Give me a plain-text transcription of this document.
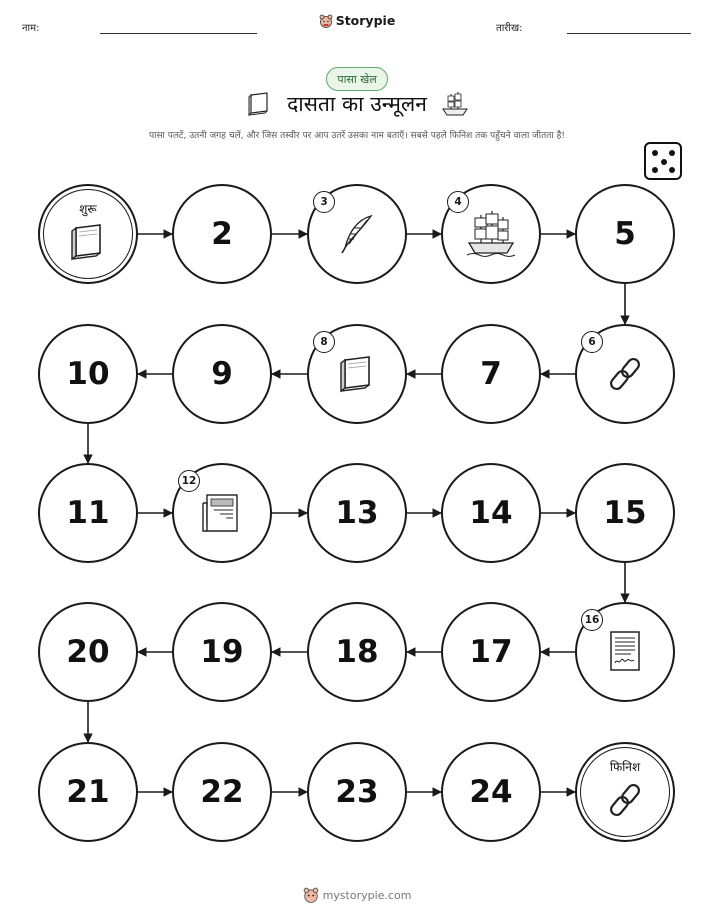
नाम:
Storypie
तारीख:
पासा खेल
दासता का उन्मूलन
पासा पलटें, उतनी जगह चलें, और जिस तस्वीर पर आप उतरें उसका नाम बताएँ। सबसे पहले फिनिश तक पहुँचने वाला जीतता है!
शुरू
2
3	4
5
6
7
8
9
10
11
12
13	14	15
16
17
18
19
20
21	22	23	24
फिनिश
mystorypie.com
